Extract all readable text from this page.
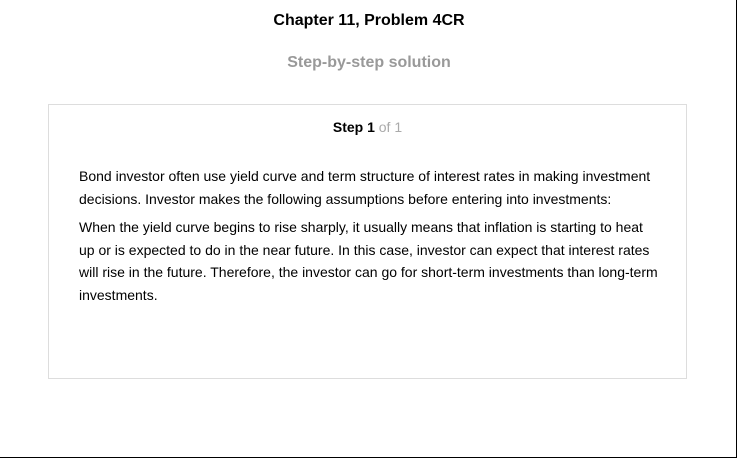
Chapter 11, Problem 4CR
Step-by-step solution
Step 1 of 1

Bond investor often use yield curve and term structure of interest rates in making investment decisions. Investor makes the following assumptions before entering into investments:

When the yield curve begins to rise sharply, it usually means that inflation is starting to heat up or is expected to do in the near future. In this case, investor can expect that interest rates will rise in the future. Therefore, the investor can go for short-term investments than long-term investments.
